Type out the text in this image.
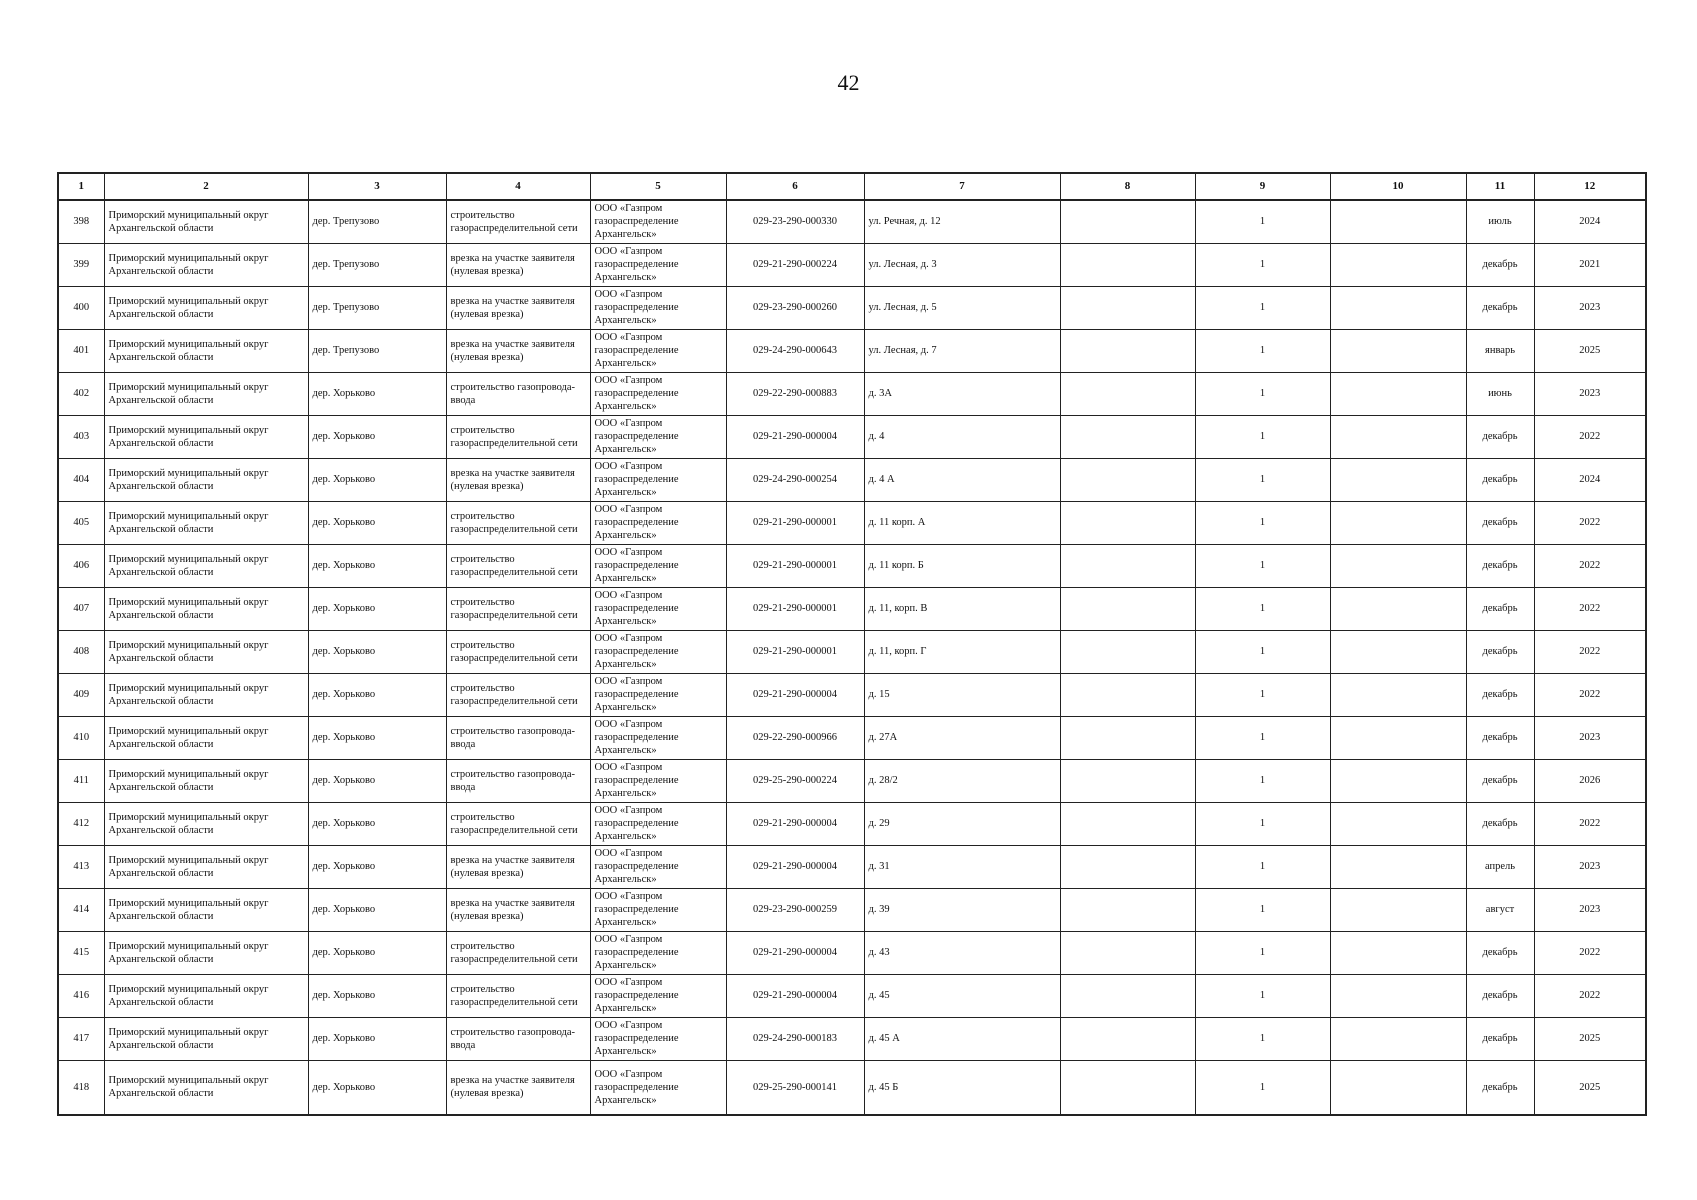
42
1	2	3	4	5	6	7	8	9	10	11	12
398	Приморский муниципальный округ Архангельской области	дер. Трепузово	строительство газораспределительной сети	ООО «Газпром газораспределение Архангельск»	029-23-290-000330	ул. Речная, д. 12		1		июль	2024
399	Приморский муниципальный округ Архангельской области	дер. Трепузово	врезка на участке заявителя (нулевая врезка)	ООО «Газпром газораспределение Архангельск»	029-21-290-000224	ул. Лесная, д. 3		1		декабрь	2021
400	Приморский муниципальный округ Архангельской области	дер. Трепузово	врезка на участке заявителя (нулевая врезка)	ООО «Газпром газораспределение Архангельск»	029-23-290-000260	ул. Лесная, д. 5		1		декабрь	2023
401	Приморский муниципальный округ Архангельской области	дер. Трепузово	врезка на участке заявителя (нулевая врезка)	ООО «Газпром газораспределение Архангельск»	029-24-290-000643	ул. Лесная, д. 7		1		январь	2025
402	Приморский муниципальный округ Архангельской области	дер. Хорьково	строительство газопровода-ввода	ООО «Газпром газораспределение Архангельск»	029-22-290-000883	д. 3А		1		июнь	2023
403	Приморский муниципальный округ Архангельской области	дер. Хорьково	строительство газораспределительной сети	ООО «Газпром газораспределение Архангельск»	029-21-290-000004	д. 4		1		декабрь	2022
404	Приморский муниципальный округ Архангельской области	дер. Хорьково	врезка на участке заявителя (нулевая врезка)	ООО «Газпром газораспределение Архангельск»	029-24-290-000254	д. 4 А		1		декабрь	2024
405	Приморский муниципальный округ Архангельской области	дер. Хорьково	строительство газораспределительной сети	ООО «Газпром газораспределение Архангельск»	029-21-290-000001	д. 11 корп. А		1		декабрь	2022
406	Приморский муниципальный округ Архангельской области	дер. Хорьково	строительство газораспределительной сети	ООО «Газпром газораспределение Архангельск»	029-21-290-000001	д. 11 корп. Б		1		декабрь	2022
407	Приморский муниципальный округ Архангельской области	дер. Хорьково	строительство газораспределительной сети	ООО «Газпром газораспределение Архангельск»	029-21-290-000001	д. 11, корп. В		1		декабрь	2022
408	Приморский муниципальный округ Архангельской области	дер. Хорьково	строительство газораспределительной сети	ООО «Газпром газораспределение Архангельск»	029-21-290-000001	д. 11, корп. Г		1		декабрь	2022
409	Приморский муниципальный округ Архангельской области	дер. Хорьково	строительство газораспределительной сети	ООО «Газпром газораспределение Архангельск»	029-21-290-000004	д. 15		1		декабрь	2022
410	Приморский муниципальный округ Архангельской области	дер. Хорьково	строительство газопровода-ввода	ООО «Газпром газораспределение Архангельск»	029-22-290-000966	д. 27А		1		декабрь	2023
411	Приморский муниципальный округ Архангельской области	дер. Хорьково	строительство газопровода-ввода	ООО «Газпром газораспределение Архангельск»	029-25-290-000224	д. 28/2		1		декабрь	2026
412	Приморский муниципальный округ Архангельской области	дер. Хорьково	строительство газораспределительной сети	ООО «Газпром газораспределение Архангельск»	029-21-290-000004	д. 29		1		декабрь	2022
413	Приморский муниципальный округ Архангельской области	дер. Хорьково	врезка на участке заявителя (нулевая врезка)	ООО «Газпром газораспределение Архангельск»	029-21-290-000004	д. 31		1		апрель	2023
414	Приморский муниципальный округ Архангельской области	дер. Хорьково	врезка на участке заявителя (нулевая врезка)	ООО «Газпром газораспределение Архангельск»	029-23-290-000259	д. 39		1		август	2023
415	Приморский муниципальный округ Архангельской области	дер. Хорьково	строительство газораспределительной сети	ООО «Газпром газораспределение Архангельск»	029-21-290-000004	д. 43		1		декабрь	2022
416	Приморский муниципальный округ Архангельской области	дер. Хорьково	строительство газораспределительной сети	ООО «Газпром газораспределение Архангельск»	029-21-290-000004	д. 45		1		декабрь	2022
417	Приморский муниципальный округ Архангельской области	дер. Хорьково	строительство газопровода-ввода	ООО «Газпром газораспределение Архангельск»	029-24-290-000183	д. 45 А		1		декабрь	2025
418	Приморский муниципальный округ Архангельской области	дер. Хорьково	врезка на участке заявителя (нулевая врезка)	ООО «Газпром газораспределение Архангельск»	029-25-290-000141	д. 45 Б		1		декабрь	2025
